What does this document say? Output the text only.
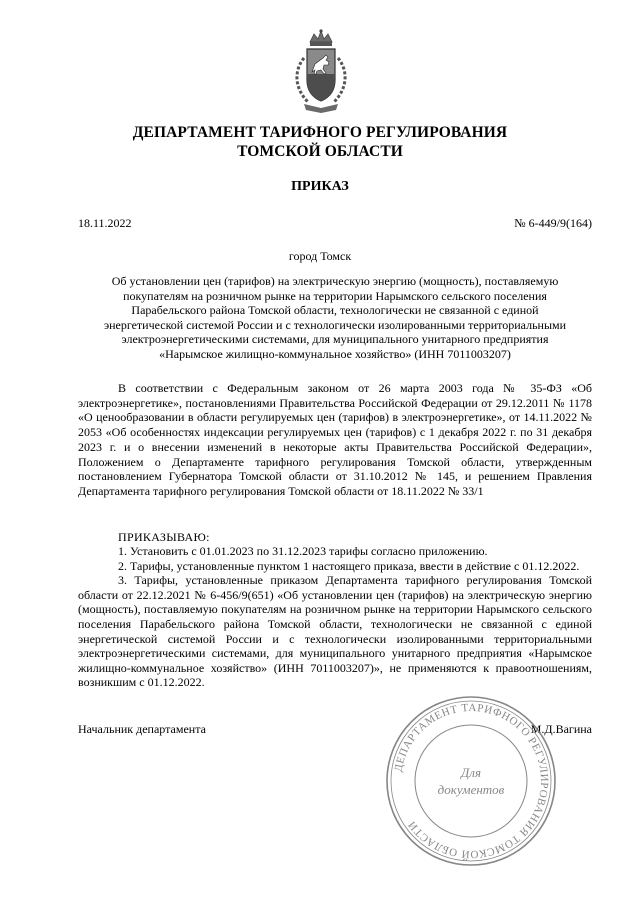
ДЕПАРТАМЕНТ ТАРИФНОГО РЕГУЛИРОВАНИЯ
ТОМСКОЙ ОБЛАСТИ
ПРИКАЗ
18.11.2022	№ 6-449/9(164)
город Томск
Об установлении цен (тарифов) на электрическую энергию (мощность), поставляемую
покупателям на розничном рынке на территории Нарымского сельского поселения
Парабельского района Томской области, технологически не связанной с единой
энергетической системой России и с технологически изолированными территориальными
электроэнергетическими системами, для муниципального унитарного предприятия
«Нарымское жилищно-коммунальное хозяйство» (ИНН 7011003207)
В соответствии с Федеральным законом от 26 марта 2003 года № 35-ФЗ «Об электроэнергетике», постановлениями Правительства Российской Федерации от 29.12.2011 № 1178 «О ценообразовании в области регулируемых цен (тарифов) в электроэнергетике», от 14.11.2022 № 2053 «Об особенностях индексации регулируемых цен (тарифов) с 1 декабря 2022 г. по 31 декабря 2023 г. и о внесении изменений в некоторые акты Правительства Российской Федерации», Положением о Департаменте тарифного регулирования Томской области, утвержденным постановлением Губернатора Томской области от 31.10.2012 № 145, и решением Правления Департамента тарифного регулирования Томской области от 18.11.2022 № 33/1
ПРИКАЗЫВАЮ:

1. Установить с 01.01.2023 по 31.12.2023 тарифы согласно приложению.

2. Тарифы, установленные пунктом 1 настоящего приказа, ввести в действие с 01.12.2022.

3. Тарифы, установленные приказом Департамента тарифного регулирования Томской области от 22.12.2021 № 6-456/9(651) «Об установлении цен (тарифов) на электрическую энергию (мощность), поставляемую покупателям на розничном рынке на территории Нарымского сельского поселения Парабельского района Томской области, технологически не связанной с единой энергетической системой России и с технологически изолированными территориальными электроэнергетическими системами, для муниципального унитарного предприятия «Нарымское жилищно-коммунальное хозяйство» (ИНН 7011003207)», не применяются к правоотношениям, возникшим с 01.12.2022.

Начальник департамента	М.Д.Вагина
ДЕПАРТАМЕНТ ТАРИФНОГО РЕГУЛИРОВАНИЯ ТОМСКОЙ ОБЛАСТИ
Для
документов
